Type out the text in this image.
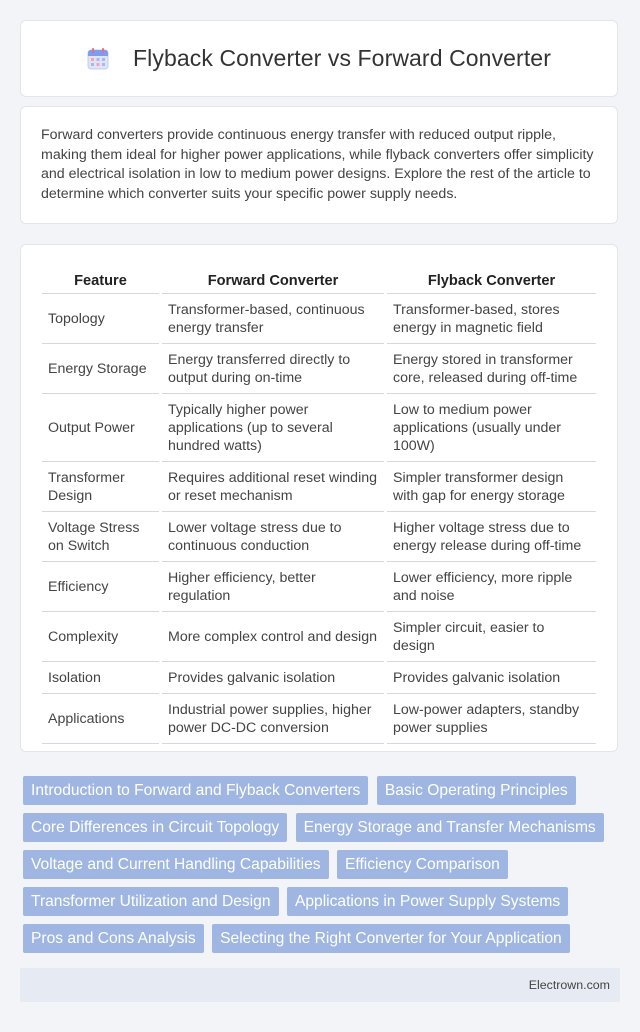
Flyback Converter vs Forward Converter

Forward converters provide continuous energy transfer with reduced output ripple, making them ideal for higher power applications, while flyback converters offer simplicity and electrical isolation in low to medium power designs. Explore the rest of the article to determine which converter suits your specific power supply needs.

Feature	Forward Converter	Flyback Converter
Topology	Transformer-based, continuous energy transfer	Transformer-based, stores energy in magnetic field
Energy Storage	Energy transferred directly to output during on-time	Energy stored in transformer core, released during off-time
Output Power	Typically higher power applications (up to several hundred watts)	Low to medium power applications (usually under 100W)
Transformer Design	Requires additional reset winding or reset mechanism	Simpler transformer design with gap for energy storage
Voltage Stress on Switch	Lower voltage stress due to continuous conduction	Higher voltage stress due to energy release during off-time
Efficiency	Higher efficiency, better regulation	Lower efficiency, more ripple and noise
Complexity	More complex control and design	Simpler circuit, easier to design
Isolation	Provides galvanic isolation	Provides galvanic isolation
Applications	Industrial power supplies, higher power DC-DC conversion	Low-power adapters, standby power supplies
Introduction to Forward and Flyback Converters Basic Operating Principles Core Differences in Circuit Topology Energy Storage and Transfer Mechanisms Voltage and Current Handling Capabilities Efficiency Comparison Transformer Utilization and Design Applications in Power Supply Systems Pros and Cons Analysis Selecting the Right Converter for Your Application
Electrown.com
